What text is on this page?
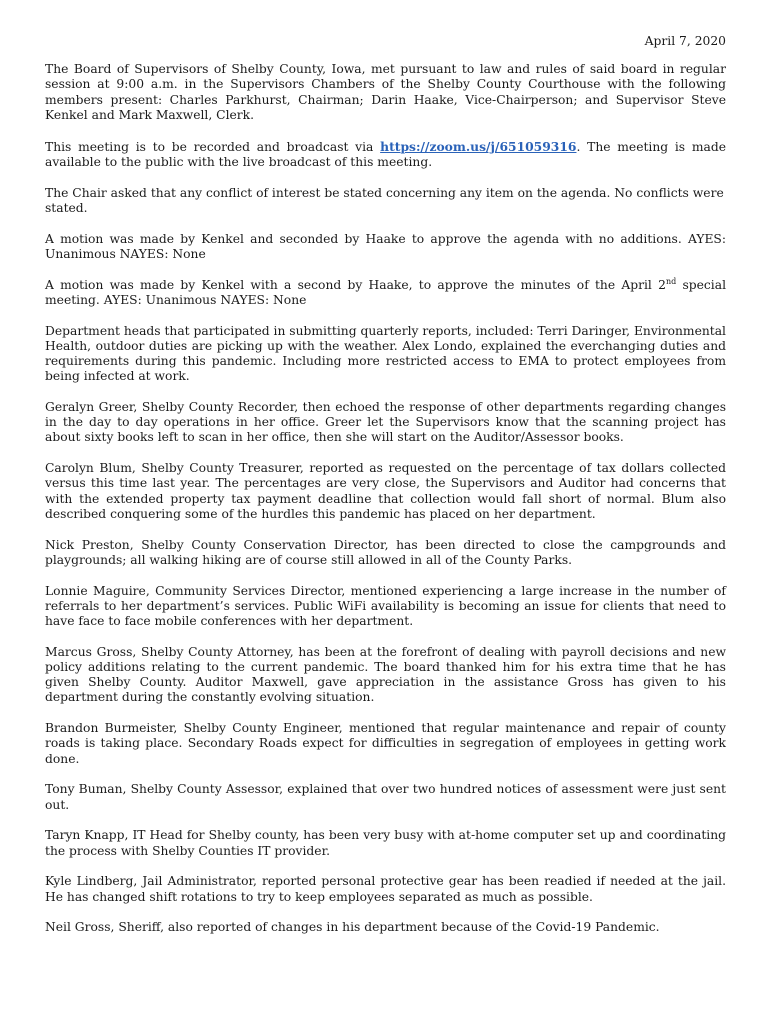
April 7, 2020

The Board of Supervisors of Shelby County, Iowa, met pursuant to law and rules of said board in regular session at 9:00 a.m. in the Supervisors Chambers of the Shelby County Courthouse with the following members present: Charles Parkhurst, Chairman; Darin Haake, Vice-Chairperson; and Supervisor Steve Kenkel and Mark Maxwell, Clerk.

This meeting is to be recorded and broadcast via https://zoom.us/j/651059316. The meeting is made available to the public with the live broadcast of this meeting.

The Chair asked that any conflict of interest be stated concerning any item on the agenda. No conflicts were stated.

A motion was made by Kenkel and seconded by Haake to approve the agenda with no additions. AYES: Unanimous NAYES: None

A motion was made by Kenkel with a second by Haake, to approve the minutes of the April 2nd special meeting. AYES: Unanimous NAYES: None

Department heads that participated in submitting quarterly reports, included: Terri Daringer, Environmental Health, outdoor duties are picking up with the weather. Alex Londo, explained the everchanging duties and requirements during this pandemic. Including more restricted access to EMA to protect employees from being infected at work.

Geralyn Greer, Shelby County Recorder, then echoed the response of other departments regarding changes in the day to day operations in her office. Greer let the Supervisors know that the scanning project has about sixty books left to scan in her office, then she will start on the Auditor/Assessor books.

Carolyn Blum, Shelby County Treasurer, reported as requested on the percentage of tax dollars collected versus this time last year. The percentages are very close, the Supervisors and Auditor had concerns that with the extended property tax payment deadline that collection would fall short of normal. Blum also described conquering some of the hurdles this pandemic has placed on her department.

Nick Preston, Shelby County Conservation Director, has been directed to close the campgrounds and playgrounds; all walking hiking are of course still allowed in all of the County Parks.

Lonnie Maguire, Community Services Director, mentioned experiencing a large increase in the number of referrals to her department’s services. Public WiFi availability is becoming an issue for clients that need to have face to face mobile conferences with her department.

Marcus Gross, Shelby County Attorney, has been at the forefront of dealing with payroll decisions and new policy additions relating to the current pandemic. The board thanked him for his extra time that he has given Shelby County. Auditor Maxwell, gave appreciation in the assistance Gross has given to his department during the constantly evolving situation.

Brandon Burmeister, Shelby County Engineer, mentioned that regular maintenance and repair of county roads is taking place. Secondary Roads expect for difficulties in segregation of employees in getting work done.

Tony Buman, Shelby County Assessor, explained that over two hundred notices of assessment were just sent out.

Taryn Knapp, IT Head for Shelby county, has been very busy with at-home computer set up and coordinating the process with Shelby Counties IT provider.

Kyle Lindberg, Jail Administrator, reported personal protective gear has been readied if needed at the jail. He has changed shift rotations to try to keep employees separated as much as possible.

Neil Gross, Sheriff, also reported of changes in his department because of the Covid-19 Pandemic.
